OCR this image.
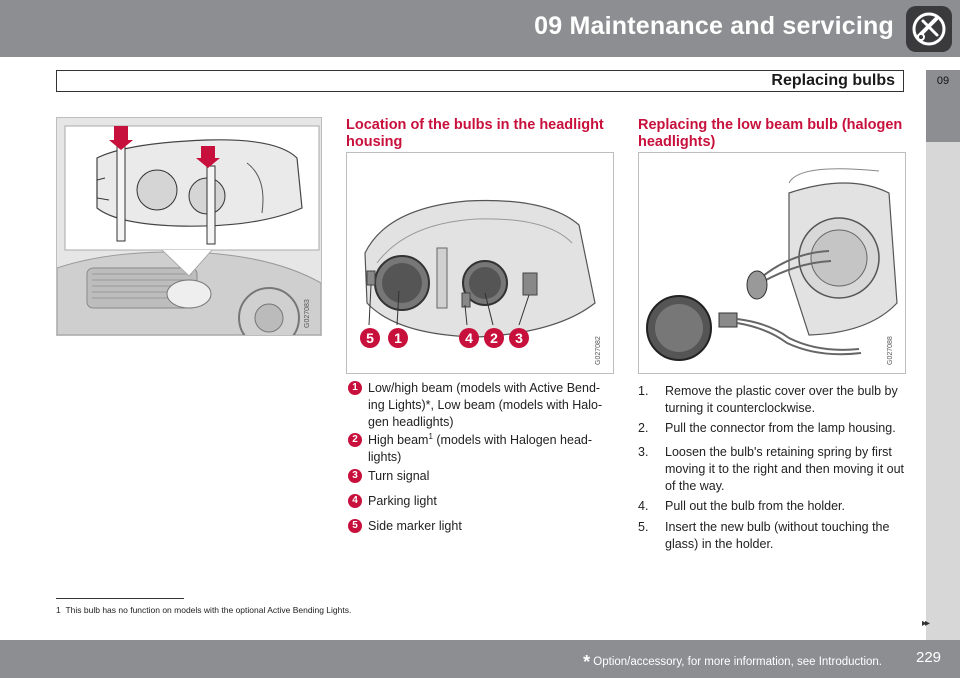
09 Maintenance and servicing
Replacing bulbs	09
G027083
Location of the bulbs in the headlight housing
5	1	4	2	3	G027082
1 Low/high beam (models with Active Bend-ing Lights)*, Low beam (models with Halo-gen headlights)
2 High beam$^1$ (models with Halogen head-lights)
3 Turn signal
4 Parking light
5 Side marker light
Replacing the low beam bulb (halogen headlights)
G027088
1.	Remove the plastic cover over the bulb by turning it counterclockwise.
2.	Pull the connector from the lamp housing.
3.	Loosen the bulb's retaining spring by first moving it to the right and then moving it out of the way.
4.	Pull out the bulb from the holder.
5.	Insert the new bulb (without touching the glass) in the holder.
1 This bulb has no function on models with the optional Active Bending Lights.
▸▸
* Option/accessory, for more information, see Introduction. 229
